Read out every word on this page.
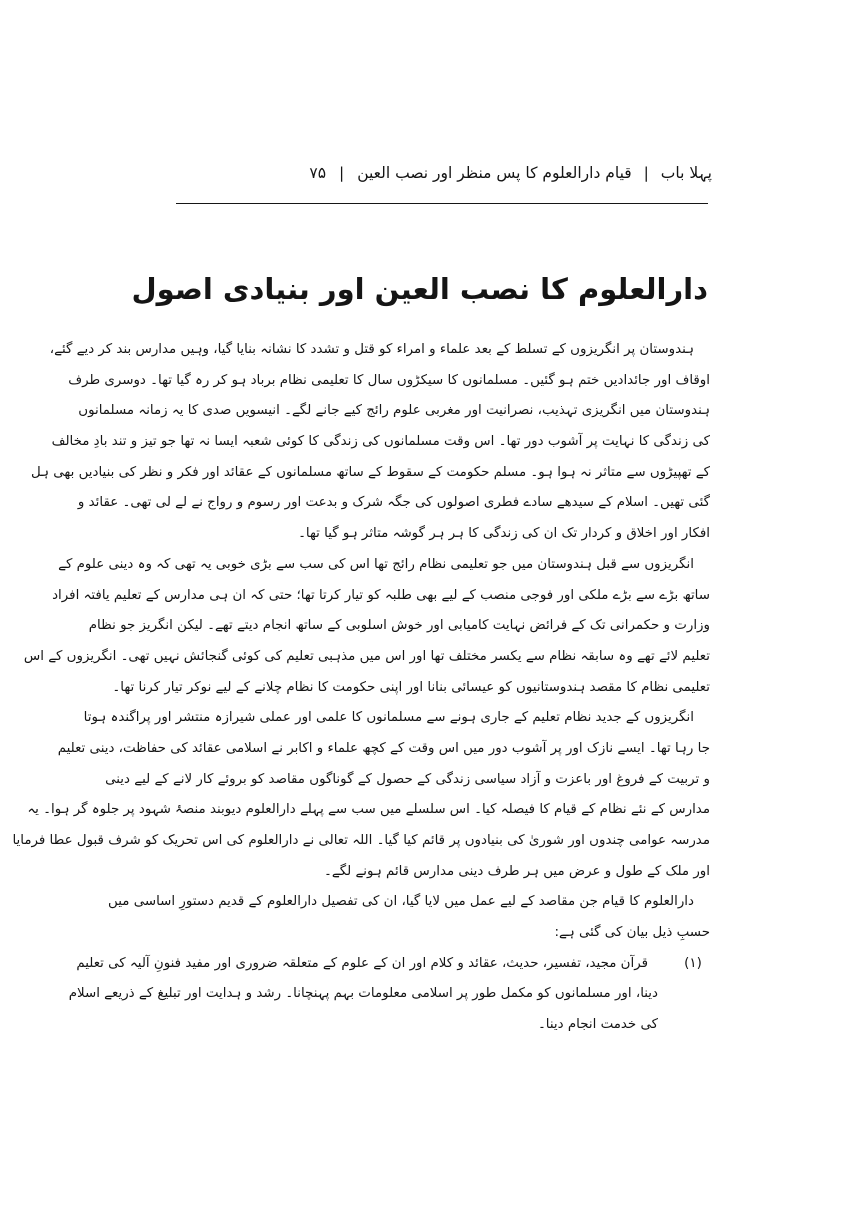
پہلا باب | قیام دارالعلوم کا پس منظر اور نصب العین | ۷۵
دارالعلوم کا نصب العین اور بنیادی اصول
ہندوستان پر انگریزوں کے تسلط کے بعد علماء و امراء کو قتل و تشدد کا نشانہ بنایا گیا، وہیں مدارس بند کر دیے گئے،
اوقاف اور جائدادیں ختم ہو گئیں۔ مسلمانوں کا سیکڑوں سال کا تعلیمی نظام برباد ہو کر رہ گیا تھا۔ دوسری طرف
ہندوستان میں انگریزی تہذیب، نصرانیت اور مغربی علوم رائج کیے جانے لگے۔ انیسویں صدی کا یہ زمانہ مسلمانوں
کی زندگی کا نہایت پر آشوب دور تھا۔ اس وقت مسلمانوں کی زندگی کا کوئی شعبہ ایسا نہ تھا جو تیز و تند بادِ مخالف
کے تھپیڑوں سے متاثر نہ ہوا ہو۔ مسلم حکومت کے سقوط کے ساتھ مسلمانوں کے عقائد اور فکر و نظر کی بنیادیں بھی ہل
گئی تھیں۔ اسلام کے سیدھے سادے فطری اصولوں کی جگہ شرک و بدعت اور رسوم و رواج نے لے لی تھی۔ عقائد و
افکار اور اخلاق و کردار تک ان کی زندگی کا ہر ہر گوشہ متاثر ہو گیا تھا۔
انگریزوں سے قبل ہندوستان میں جو تعلیمی نظام رائج تھا اس کی سب سے بڑی خوبی یہ تھی کہ وہ دینی علوم کے
ساتھ بڑے سے بڑے ملکی اور فوجی منصب کے لیے بھی طلبہ کو تیار کرتا تھا؛ حتی کہ ان ہی مدارس کے تعلیم یافتہ افراد
وزارت و حکمرانی تک کے فرائض نہایت کامیابی اور خوش اسلوبی کے ساتھ انجام دیتے تھے۔ لیکن انگریز جو نظام
تعلیم لائے تھے وہ سابقہ نظام سے یکسر مختلف تھا اور اس میں مذہبی تعلیم کی کوئی گنجائش نہیں تھی۔ انگریزوں کے اس
تعلیمی نظام کا مقصد ہندوستانیوں کو عیسائی بنانا اور اپنی حکومت کا نظام چلانے کے لیے نوکر تیار کرنا تھا۔
انگریزوں کے جدید نظام تعلیم کے جاری ہونے سے مسلمانوں کا علمی اور عملی شیرازہ منتشر اور پراگندہ ہوتا
جا رہا تھا۔ ایسے نازک اور پر آشوب دور میں اس وقت کے کچھ علماء و اکابر نے اسلامی عقائد کی حفاظت، دینی تعلیم
و تربیت کے فروغ اور باعزت و آزاد سیاسی زندگی کے حصول کے گوناگوں مقاصد کو بروئے کار لانے کے لیے دینی
مدارس کے نئے نظام کے قیام کا فیصلہ کیا۔ اس سلسلے میں سب سے پہلے دارالعلوم دیوبند منصۂ شہود پر جلوہ گر ہوا۔ یہ
مدرسہ عوامی چندوں اور شوریٰ کی بنیادوں پر قائم کیا گیا۔ اللہ تعالی نے دارالعلوم کی اس تحریک کو شرف قبول عطا فرمایا
اور ملک کے طول و عرض میں ہر طرف دینی مدارس قائم ہونے لگے۔
دارالعلوم کا قیام جن مقاصد کے لیے عمل میں لایا گیا، ان کی تفصیل دارالعلوم کے قدیم دستورِ اساسی میں
حسبِ ذیل بیان کی گئی ہے:
(۱)
قرآن مجید، تفسیر، حدیث، عقائد و کلام اور ان کے علوم کے متعلقہ ضروری اور مفید فنونِ آلیہ کی تعلیم
دینا، اور مسلمانوں کو مکمل طور پر اسلامی معلومات بہم پہنچانا۔ رشد و ہدایت اور تبلیغ کے ذریعے اسلام
کی خدمت انجام دینا۔
